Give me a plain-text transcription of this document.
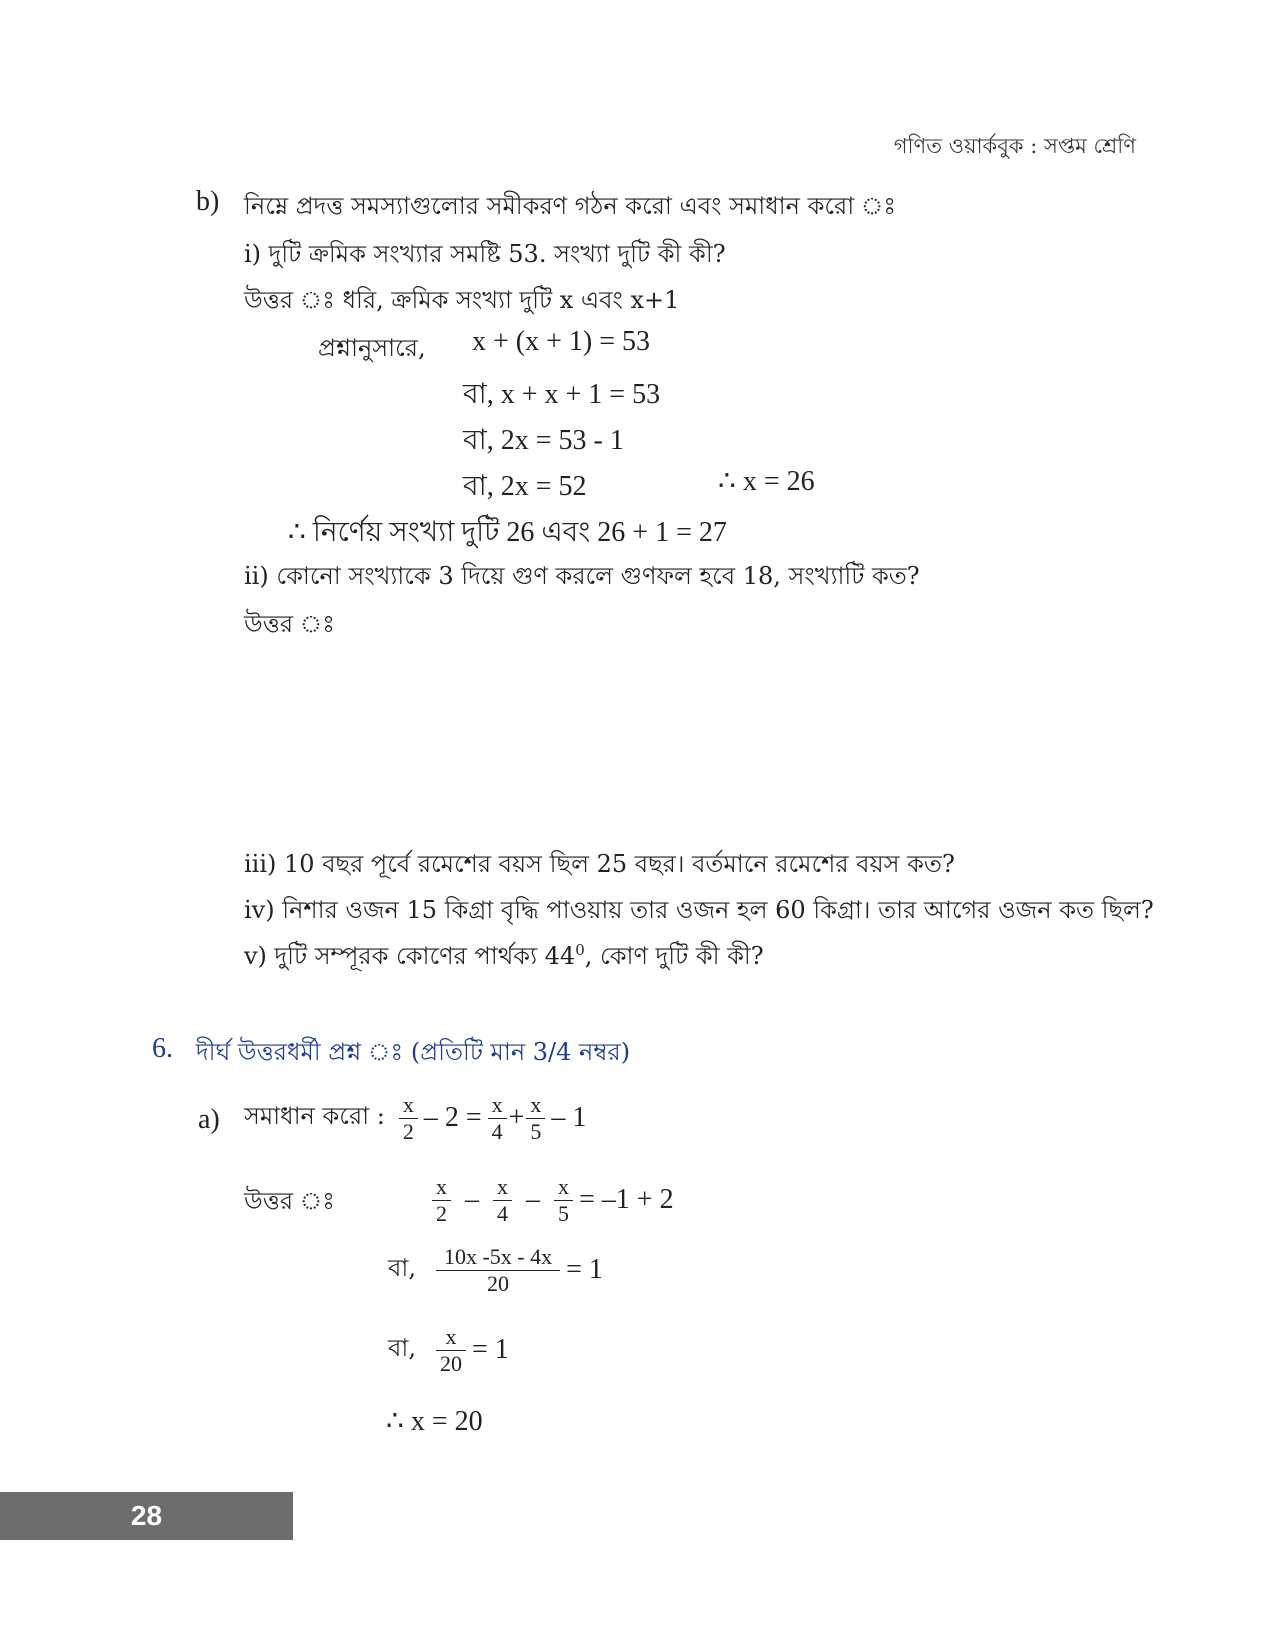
গণিত ওয়ার্কবুক : সপ্তম শ্রেণি
b) নিম্নে প্রদত্ত সমস্যাগুলোর সমীকরণ গঠন করো এবং সমাধান করো ঃ
i) দুটি ক্রমিক সংখ্যার সমষ্টি 53. সংখ্যা দুটি কী কী?
উত্তর ঃ ধরি, ক্রমিক সংখ্যা দুটি x এবং x+1
প্রশ্নানুসারে, x + (x + 1) = 53
বা, x + x + 1 = 53
বা, 2x = 53 - 1
বা, 2x = 52	∴ x = 26
∴ নির্ণেয় সংখ্যা দুটি 26 এবং 26 + 1 = 27
ii) কোনো সংখ্যাকে 3 দিয়ে গুণ করলে গুণফল হবে 18, সংখ্যাটি কত?
উত্তর ঃ
iii) 10 বছর পূর্বে রমেশের বয়স ছিল 25 বছর। বর্তমানে রমেশের বয়স কত?
iv) নিশার ওজন 15 কিগ্রা বৃদ্ধি পাওয়ায় তার ওজন হল 60 কিগ্রা। তার আগের ওজন কত ছিল?
v) দুটি সম্পূরক কোণের পার্থক্য $44^0$, কোণ দুটি কী কী?
6. দীর্ঘ উত্তরধর্মী প্রশ্ন ঃ (প্রতিটি মান 3/4 নম্বর)
a) সমাধান করো : $\frac{x}{2} - 2 = \frac{x}{4} + \frac{x}{5} - 1$
উত্তর ঃ	$\frac{x}{2} - \frac{x}{4} - \frac{x}{5} = -1 + 2$
বা, $\frac{10x -5x - 4x}{20} = 1$
বা, $\frac{x}{20} = 1$
∴ x = 20
28
